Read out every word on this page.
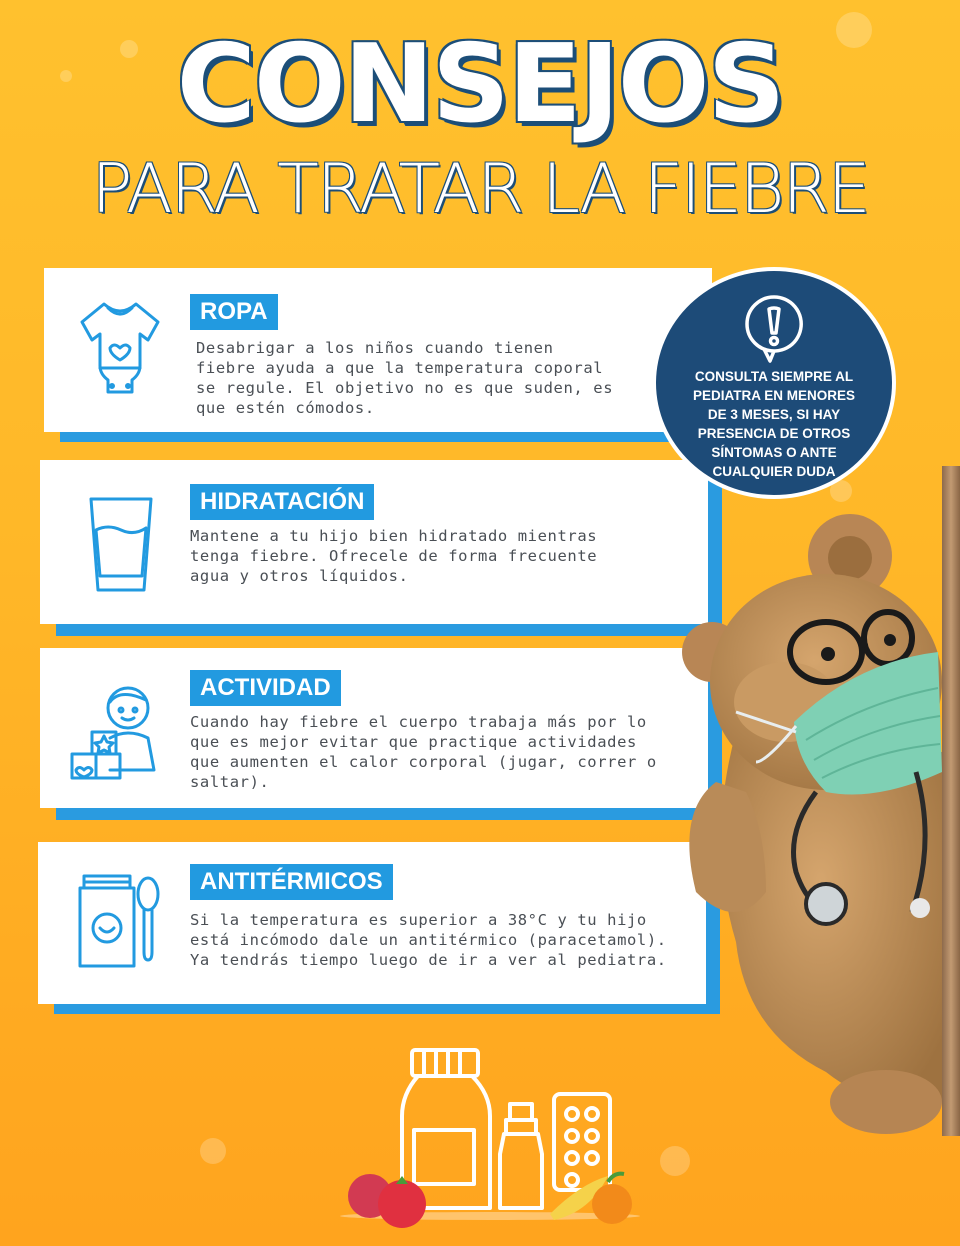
CONSEJOS
PARA TRATAR LA FIEBRE
ROPA
Desabrigar a los niños cuando tienen
fiebre ayuda a que la temperatura coporal
se regule. El objetivo no es que suden, es
que estén cómodos.
HIDRATACIÓN
Mantene a tu hijo bien hidratado mientras
tenga fiebre. Ofrecele de forma frecuente
agua y otros líquidos.
ACTIVIDAD
Cuando hay fiebre el cuerpo trabaja más por lo
que es mejor evitar que practique actividades
que aumenten el calor corporal (jugar, correr o
saltar).
ANTITÉRMICOS
Si la temperatura es superior a 38°C y tu hijo
está incómodo dale un antitérmico (paracetamol).
Ya tendrás tiempo luego de ir a ver al pediatra.
CONSULTA SIEMPRE AL
PEDIATRA EN MENORES
DE 3 MESES, SI HAY
PRESENCIA DE OTROS
SÍNTOMAS O ANTE
CUALQUIER DUDA
